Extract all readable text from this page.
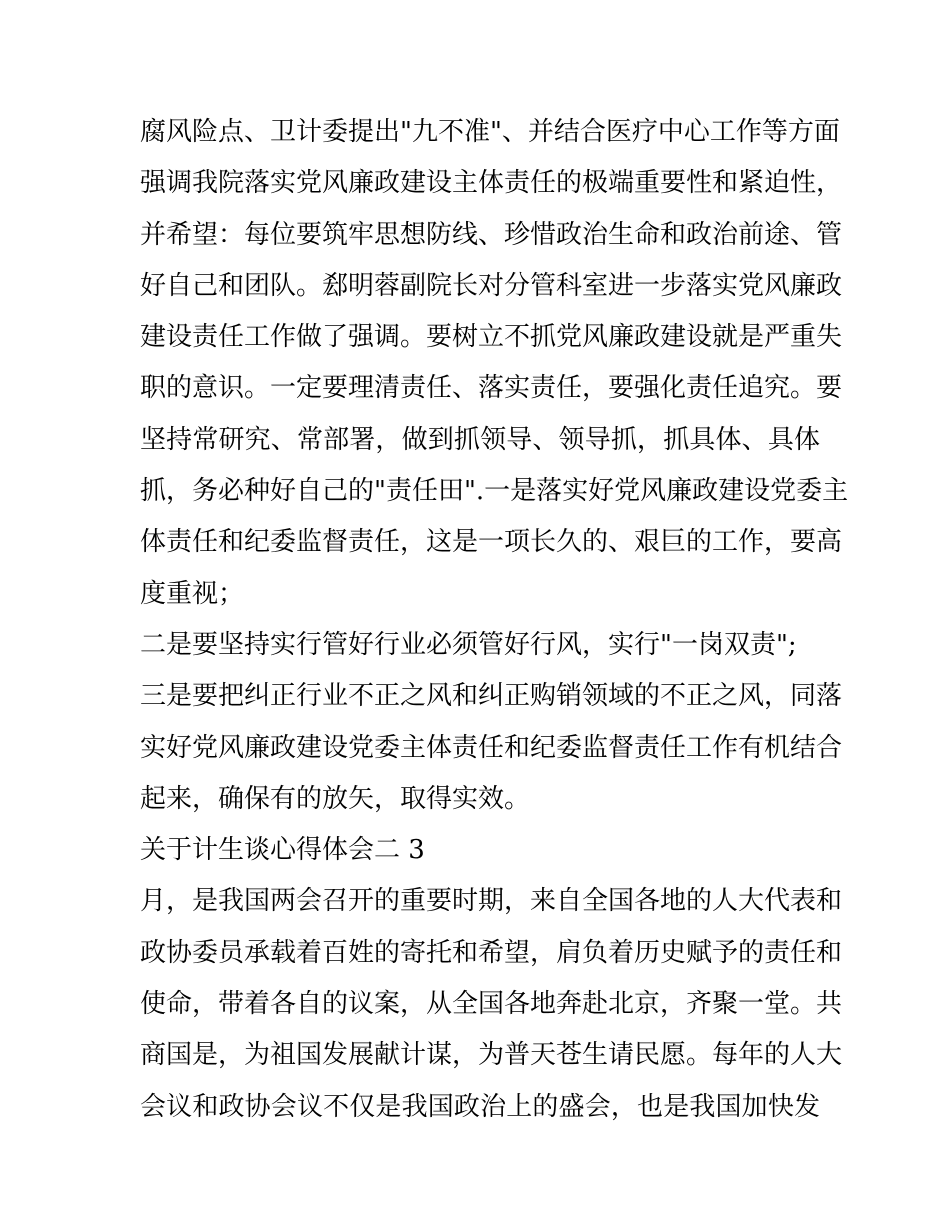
腐风险点、卫计委提出"九不准"、并结合医疗中心工作等方面
强调我院落实党风廉政建设主体责任的极端重要性和紧迫性，
并希望：每位要筑牢思想防线、珍惜政治生命和政治前途、管
好自己和团队。郄明蓉副院长对分管科室进一步落实党风廉政
建设责任工作做了强调。要树立不抓党风廉政建设就是严重失
职的意识。一定要理清责任、落实责任，要强化责任追究。要
坚持常研究、常部署，做到抓领导、领导抓，抓具体、具体
抓，务必种好自己的"责任田".一是落实好党风廉政建设党委主
体责任和纪委监督责任，这是一项长久的、艰巨的工作，要高
度重视；
二是要坚持实行管好行业必须管好行风，实行"一岗双责";
三是要把纠正行业不正之风和纠正购销领域的不正之风，同落
实好党风廉政建设党委主体责任和纪委监督责任工作有机结合
起来，确保有的放矢，取得实效。
关于计生谈心得体会二 3
月，是我国两会召开的重要时期，来自全国各地的人大代表和
政协委员承载着百姓的寄托和希望，肩负着历史赋予的责任和
使命，带着各自的议案，从全国各地奔赴北京，齐聚一堂。共
商国是，为祖国发展献计谋，为普天苍生请民愿。每年的人大
会议和政协会议不仅是我国政治上的盛会，也是我国加快发
